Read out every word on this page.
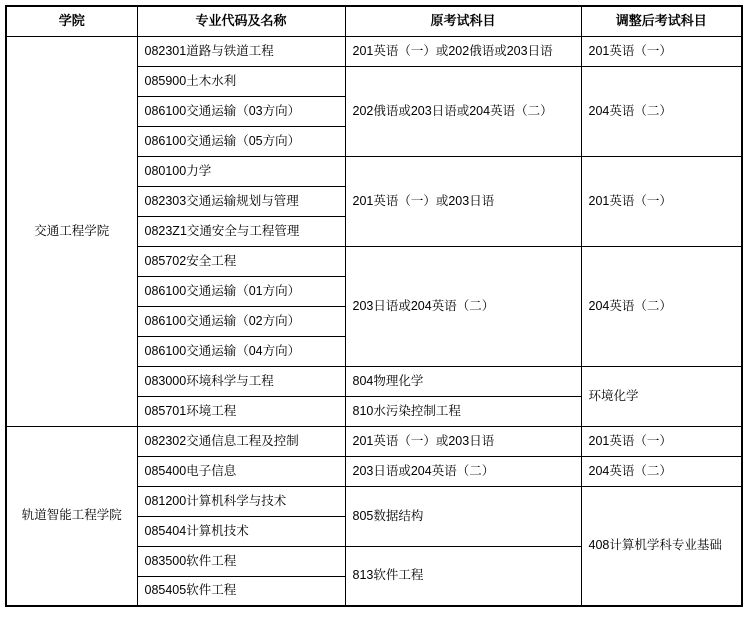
学院	专业代码及名称	原考试科目	调整后考试科目
交通工程学院	082301道路与铁道工程	201英语（一）或202俄语或203日语	201英语（一）
	085900土木水利	202俄语或203日语或204英语（二）	204英语（二）
	086100交通运输（03方向）		
	086100交通运输（05方向）		
	080100力学	201英语（一）或203日语	201英语（一）
	082303交通运输规划与管理		
	0823Z1交通安全与工程管理		
	085702安全工程	203日语或204英语（二）	204英语（二）
	086100交通运输（01方向）		
	086100交通运输（02方向）		
	086100交通运输（04方向）		
	083000环境科学与工程	804物理化学	环境化学
	085701环境工程	810水污染控制工程	
轨道智能工程学院	082302交通信息工程及控制	201英语（一）或203日语	201英语（一）
	085400电子信息	203日语或204英语（二）	204英语（二）
	081200计算机科学与技术	805数据结构	408计算机学科专业基础
	085404计算机技术		
	083500软件工程	813软件工程	
	085405软件工程		
